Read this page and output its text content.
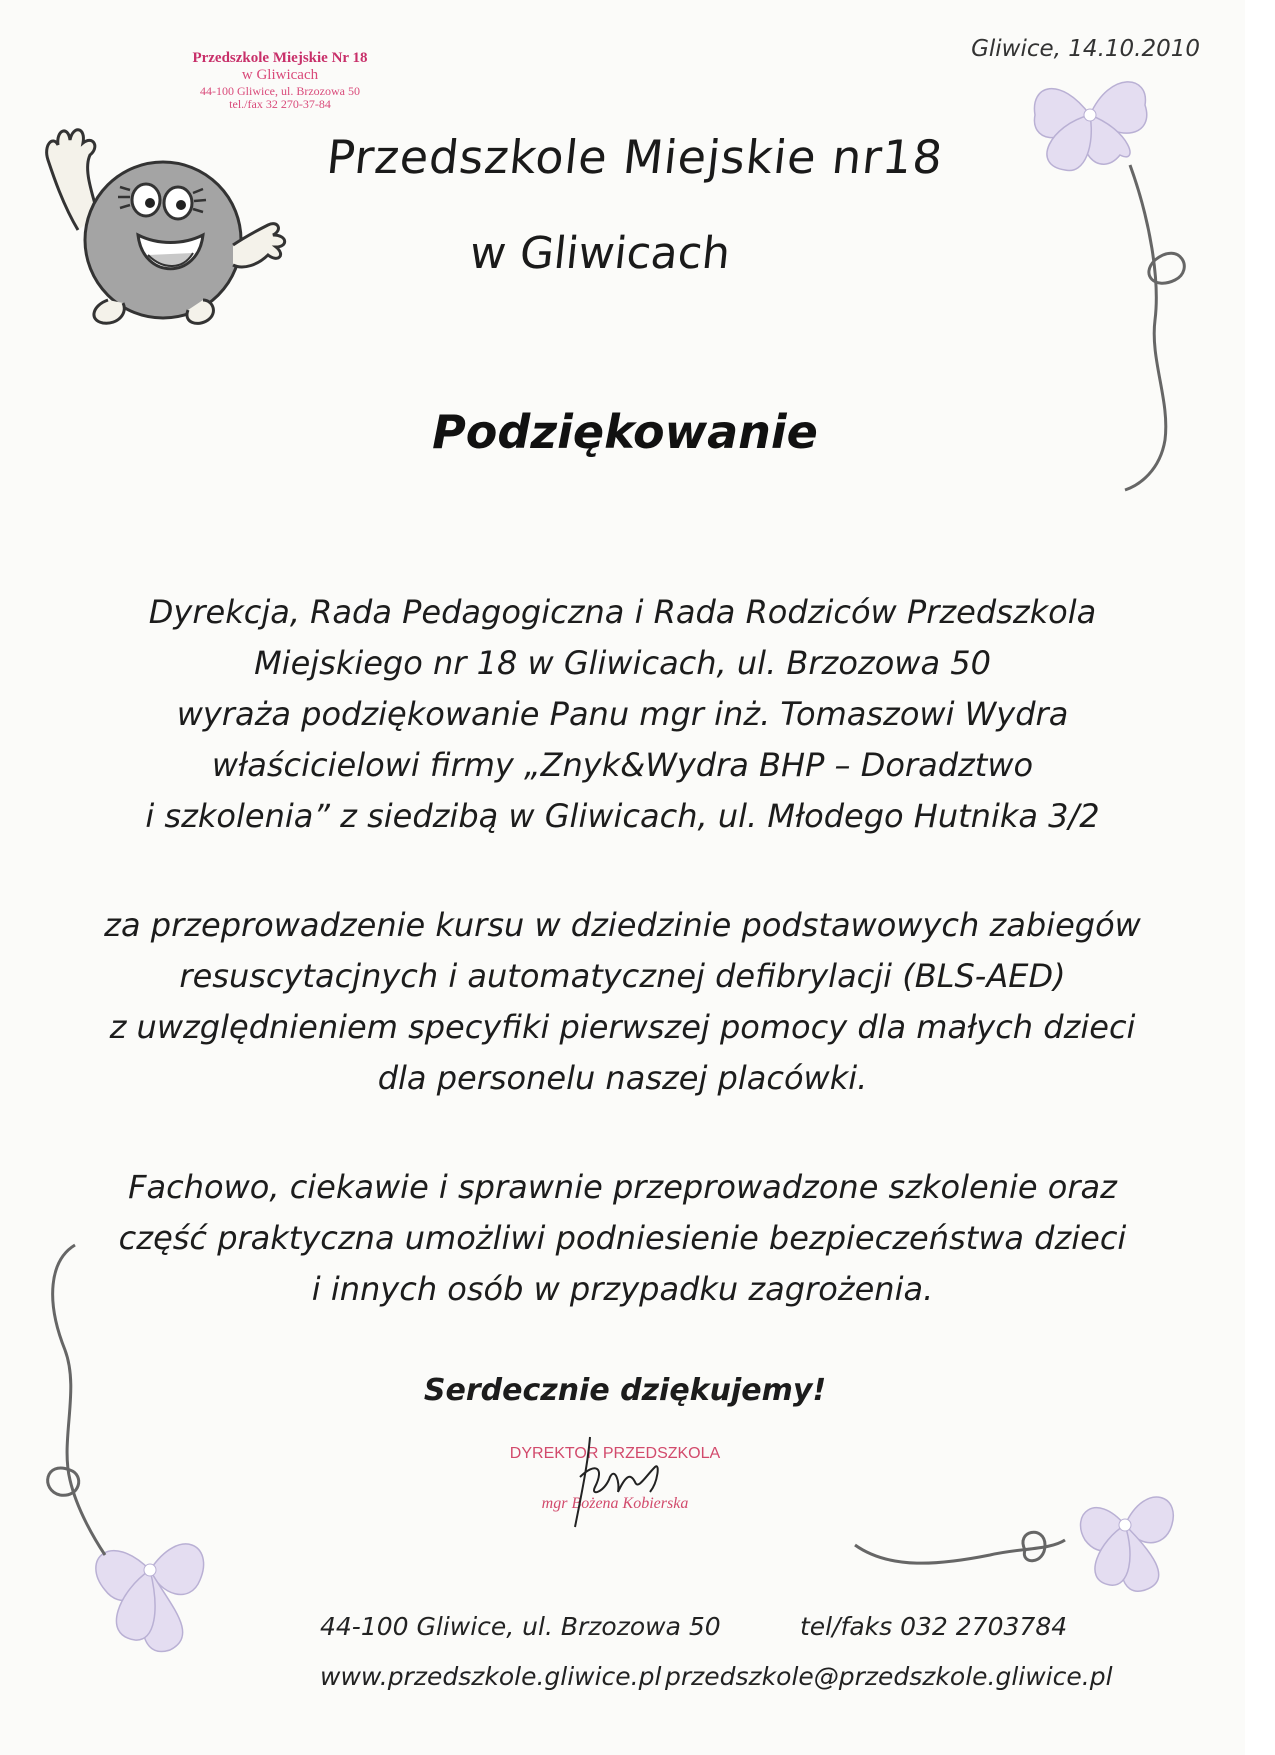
Przedszkole Miejskie Nr 18
w Gliwicach
44-100 Gliwice, ul. Brzozowa 50
tel./fax 32 270-37-84
Gliwice, 14.10.2010
Przedszkole Miejskie nr18
w Gliwicach
Podziękowanie
Dyrekcja, Rada Pedagogiczna i Rada Rodziców Przedszkola
Miejskiego nr 18 w Gliwicach, ul. Brzozowa 50
wyraża podziękowanie Panu mgr inż. Tomaszowi Wydra
właścicielowi firmy „Znyk&Wydra BHP – Doradztwo
i szkolenia” z siedzibą w Gliwicach, ul. Młodego Hutnika 3/2
za przeprowadzenie kursu w dziedzinie podstawowych zabiegów
resuscytacjnych i automatycznej defibrylacji (BLS-AED)
z uwzględnieniem specyfiki pierwszej pomocy dla małych dzieci
dla personelu naszej placówki.
Fachowo, ciekawie i sprawnie przeprowadzone szkolenie oraz
część praktyczna umożliwi podniesienie bezpieczeństwa dzieci
i innych osób w przypadku zagrożenia.
Serdecznie dziękujemy!
DYREKTOR PRZEDSZKOLA
mgr Bożena Kobierska
44-100 Gliwice, ul. Brzozowa 50	tel/faks 032 2703784
www.przedszkole.gliwice.pl przedszkole@przedszkole.gliwice.pl
